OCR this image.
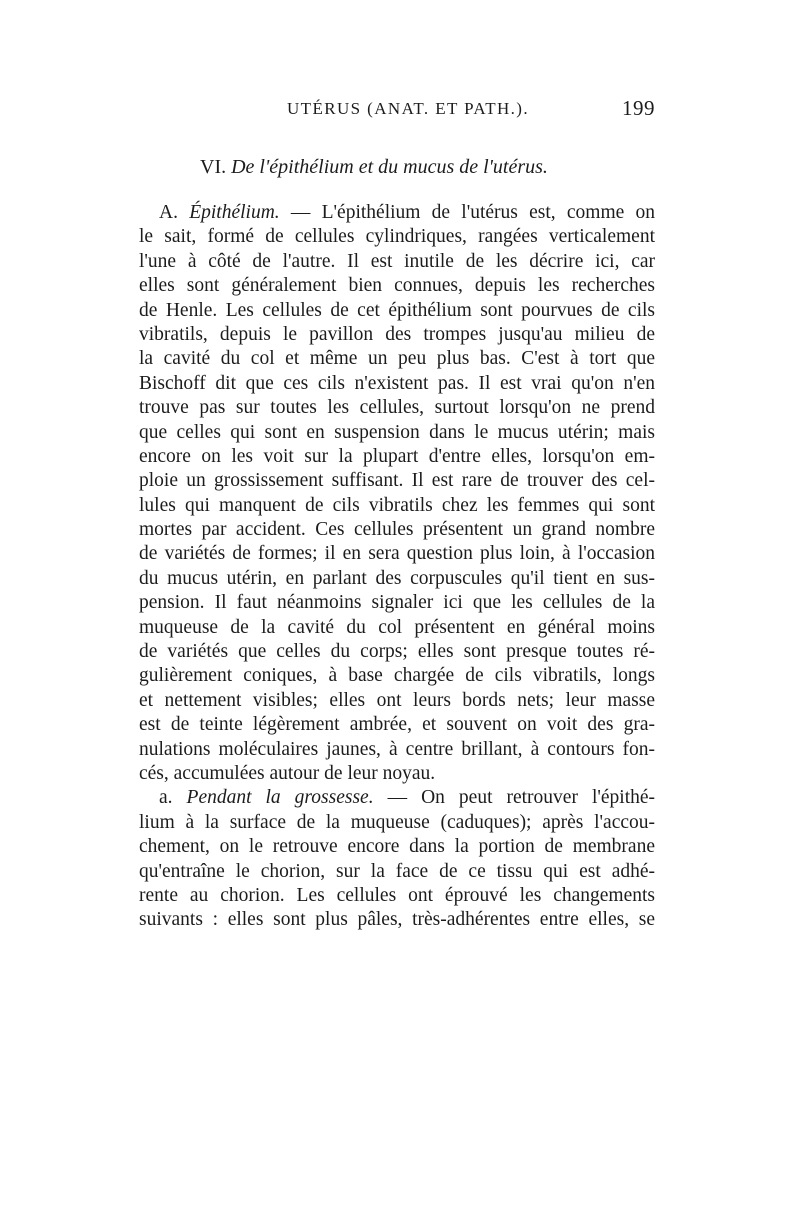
UTÉRUS (ANAT. ET PATH.).	199
VI. De l'épithélium et du mucus de l'utérus.
A. Épithélium. — L'épithélium de l'utérus est, comme on
le sait, formé de cellules cylindriques, rangées verticalement
l'une à côté de l'autre. Il est inutile de les décrire ici, car
elles sont généralement bien connues, depuis les recherches
de Henle. Les cellules de cet épithélium sont pourvues de cils
vibratils, depuis le pavillon des trompes jusqu'au milieu de
la cavité du col et même un peu plus bas. C'est à tort que
Bischoff dit que ces cils n'existent pas. Il est vrai qu'on n'en
trouve pas sur toutes les cellules, surtout lorsqu'on ne prend
que celles qui sont en suspension dans le mucus utérin; mais
encore on les voit sur la plupart d'entre elles, lorsqu'on em-
ploie un grossissement suffisant. Il est rare de trouver des cel-
lules qui manquent de cils vibratils chez les femmes qui sont
mortes par accident. Ces cellules présentent un grand nombre
de variétés de formes; il en sera question plus loin, à l'occasion
du mucus utérin, en parlant des corpuscules qu'il tient en sus-
pension. Il faut néanmoins signaler ici que les cellules de la
muqueuse de la cavité du col présentent en général moins
de variétés que celles du corps; elles sont presque toutes ré-
gulièrement coniques, à base chargée de cils vibratils, longs
et nettement visibles; elles ont leurs bords nets; leur masse
est de teinte légèrement ambrée, et souvent on voit des gra-
nulations moléculaires jaunes, à centre brillant, à contours fon-
cés, accumulées autour de leur noyau.
a. Pendant la grossesse. — On peut retrouver l'épithé-
lium à la surface de la muqueuse (caduques); après l'accou-
chement, on le retrouve encore dans la portion de membrane
qu'entraîne le chorion, sur la face de ce tissu qui est adhé-
rente au chorion. Les cellules ont éprouvé les changements
suivants : elles sont plus pâles, très-adhérentes entre elles, se
